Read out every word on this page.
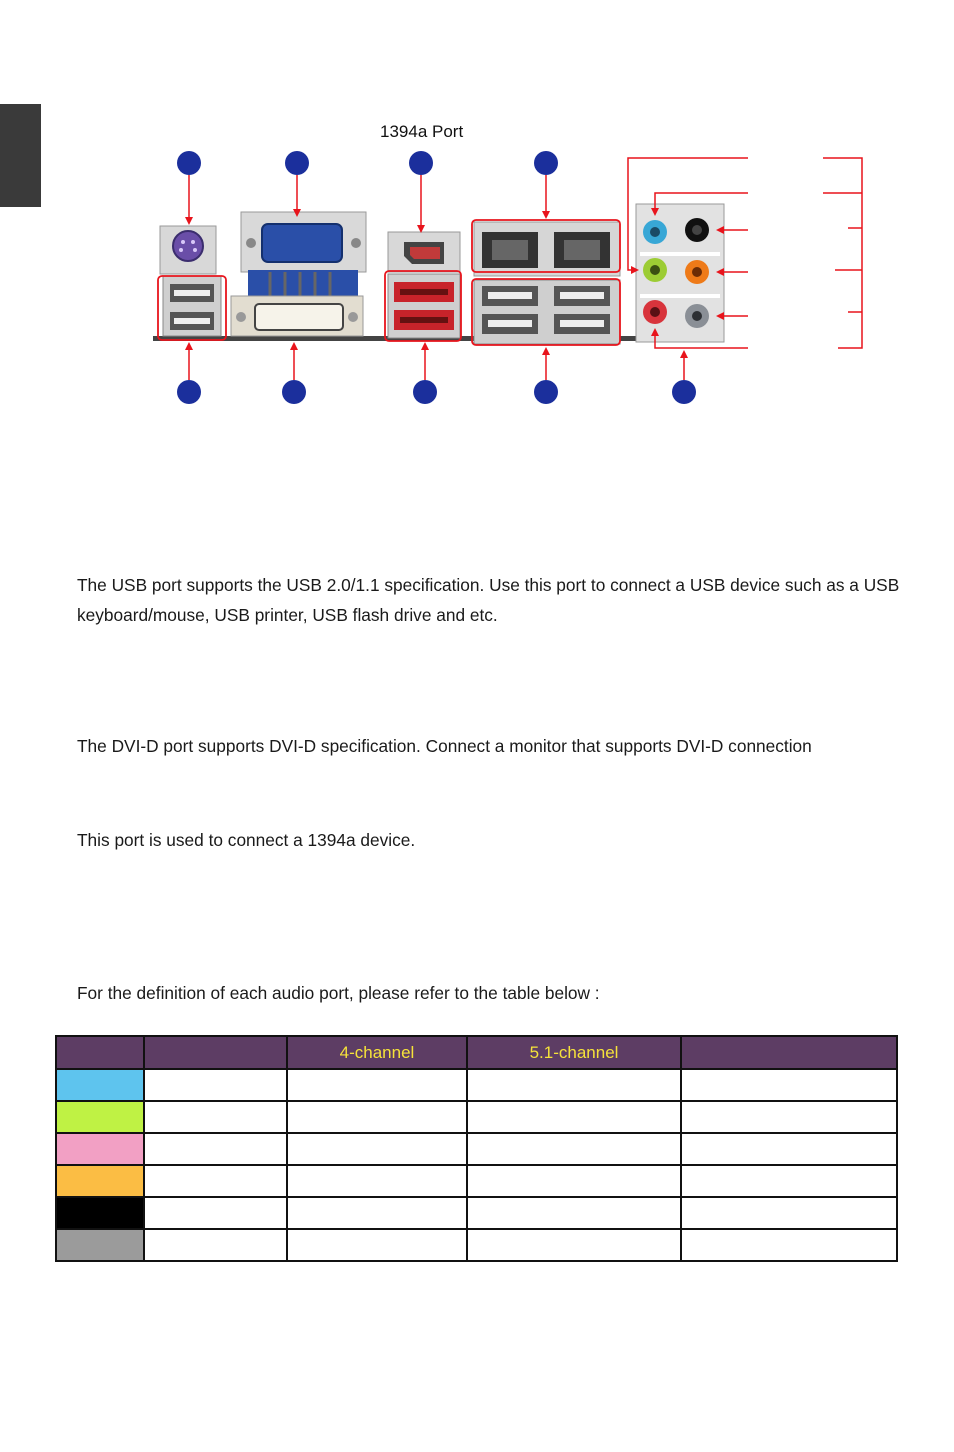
1394a Port

The USB port supports the USB 2.0/1.1 specification. Use this port to connect a USB device such as a USB keyboard/mouse, USB printer, USB flash drive and etc.

The DVI-D port supports DVI-D specification. Connect a monitor that supports DVI-D connection

This port is used to connect a 1394a device.

For the definition of each audio port, please refer to the table below :

		4-channel	5.1-channel	
